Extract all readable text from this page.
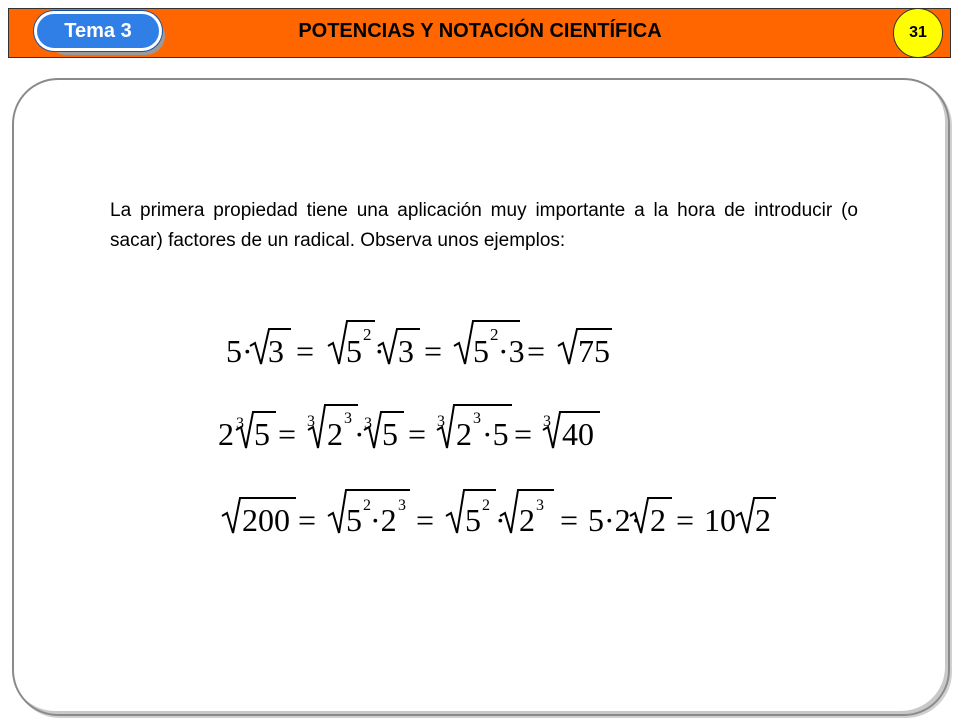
Tema 3	POTENCIAS Y NOTACIÓN CIENTÍFICA	31

La primera propiedad tiene una aplicación muy importante a la hora de introducir (o sacar) factores de un radical. Observa unos ejemplos:

5· 3 = 5 2 · 3 = 5 2 ·3 = 75
2 3 5 = 3 2 3 · 3 5 = 3 2 3 ·5 = 3 40
200 = 5 2 ·2 3 = 5 2 · 2 3 = 5·2· 2 = 10 2
